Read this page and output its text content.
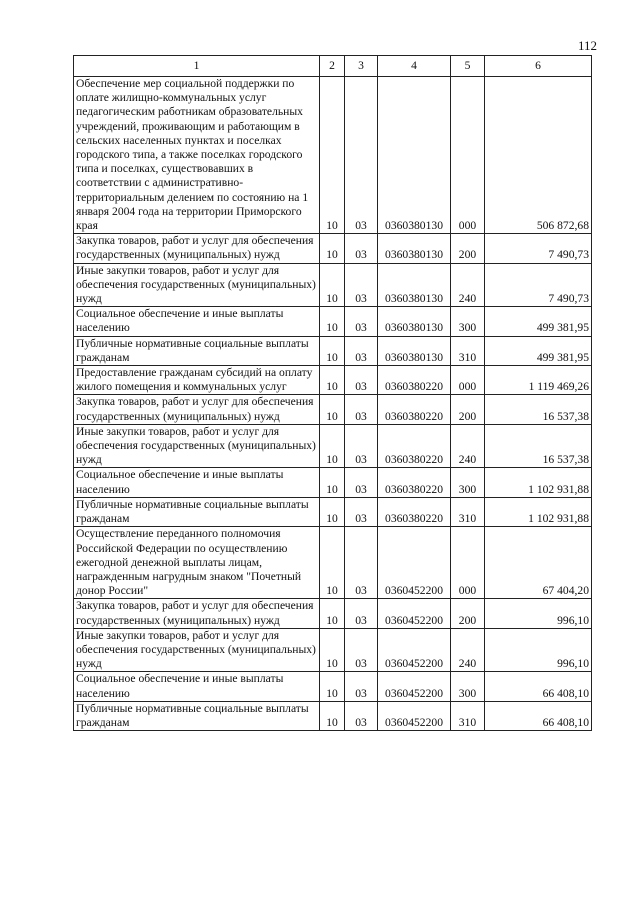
112
1	2	3	4	5	6
Обеспечение мер социальной поддержки по оплате жилищно-коммунальных услуг педагогическим работникам образовательных учреждений, проживающим и работающим в сельских населенных пунктах и поселках городского типа, а также поселках городского типа и поселках, существовавших в соответствии с административно-территориальным делением по состоянию на 1 января 2004 года на территории Приморского края	10	03	0360380130	000	506 872,68
Закупка товаров, работ и услуг для обеспечения государственных (муниципальных) нужд	10	03	0360380130	200	7 490,73
Иные закупки товаров, работ и услуг для обеспечения государственных (муниципальных) нужд	10	03	0360380130	240	7 490,73
Социальное обеспечение и иные выплаты населению	10	03	0360380130	300	499 381,95
Публичные нормативные социальные выплаты гражданам	10	03	0360380130	310	499 381,95
Предоставление гражданам субсидий на оплату жилого помещения и коммунальных услуг	10	03	0360380220	000	1 119 469,26
Закупка товаров, работ и услуг для обеспечения государственных (муниципальных) нужд	10	03	0360380220	200	16 537,38
Иные закупки товаров, работ и услуг для обеспечения государственных (муниципальных) нужд	10	03	0360380220	240	16 537,38
Социальное обеспечение и иные выплаты населению	10	03	0360380220	300	1 102 931,88
Публичные нормативные социальные выплаты гражданам	10	03	0360380220	310	1 102 931,88
Осуществление переданного полномочия Российской Федерации по осуществлению ежегодной денежной выплаты лицам, награжденным нагрудным знаком "Почетный донор России"	10	03	0360452200	000	67 404,20
Закупка товаров, работ и услуг для обеспечения государственных (муниципальных) нужд	10	03	0360452200	200	996,10
Иные закупки товаров, работ и услуг для обеспечения государственных (муниципальных) нужд	10	03	0360452200	240	996,10
Социальное обеспечение и иные выплаты населению	10	03	0360452200	300	66 408,10
Публичные нормативные социальные выплаты гражданам	10	03	0360452200	310	66 408,10
